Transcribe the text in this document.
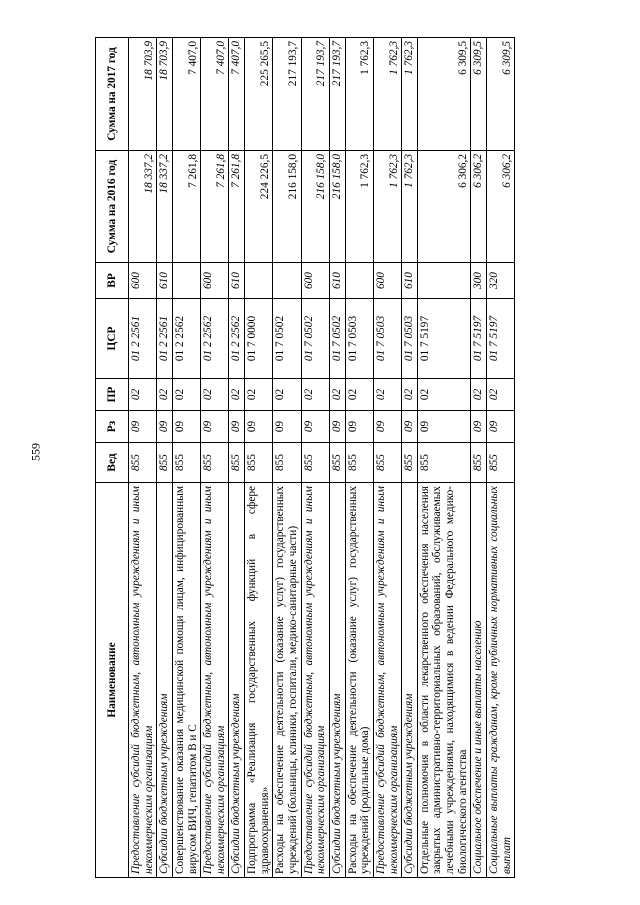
559
Наименование	Вед	Рз	ПР	ЦСР	ВР	Сумма на 2016 год	Сумма на 2017 год
Предоставление субсидий бюджетным, автономным учреждениям и иным некоммерческим организациям	855	09	02	01 2 2561	600	18 337,2	18 703,9
Субсидии бюджетным учреждениям	855	09	02	01 2 2561	610	18 337,2	18 703,9
Совершенствование оказания медицинской помощи лицам, инфицированным вирусом ВИЧ, гепатитом В и С	855	09	02	01 2 2562		7 261,8	7 407,0
Предоставление субсидий бюджетным, автономным учреждениям и иным некоммерческим организациям	855	09	02	01 2 2562	600	7 261,8	7 407,0
Субсидии бюджетным учреждениям	855	09	02	01 2 2562	610	7 261,8	7 407,0
Подпрограмма «Реализация государственных функций в сфере здравоохранения»	855	09	02	01 7 0000		224 226,5	225 265,5
Расходы на обеспечение деятельности (оказание услуг) государственных учреждений (больницы, клиники, госпитали, медико-санитарные части)	855	09	02	01 7 0502		216 158,0	217 193,7
Предоставление субсидий бюджетным, автономным учреждениям и иным некоммерческим организациям	855	09	02	01 7 0502	600	216 158,0	217 193,7
Субсидии бюджетным учреждениям	855	09	02	01 7 0502	610	216 158,0	217 193,7
Расходы на обеспечение деятельности (оказание услуг) государственных учреждений (родильные дома)	855	09	02	01 7 0503		1 762,3	1 762,3
Предоставление субсидий бюджетным, автономным учреждениям и иным некоммерческим организациям	855	09	02	01 7 0503	600	1 762,3	1 762,3
Субсидии бюджетным учреждениям	855	09	02	01 7 0503	610	1 762,3	1 762,3
Отдельные полномочия в области лекарственного обеспечения населения закрытых административно-территориальных образований, обслуживаемых лечебными учреждениями, находящимися в ведении Федерального медико-биологического агентства	855	09	02	01 7 5197		6 306,2	6 309,5
Социальное обеспечение и иные выплаты населению	855	09	02	01 7 5197	300	6 306,2	6 309,5
Социальные выплаты гражданам, кроме публичных нормативных социальных выплат	855	09	02	01 7 5197	320	6 306,2	6 309,5
